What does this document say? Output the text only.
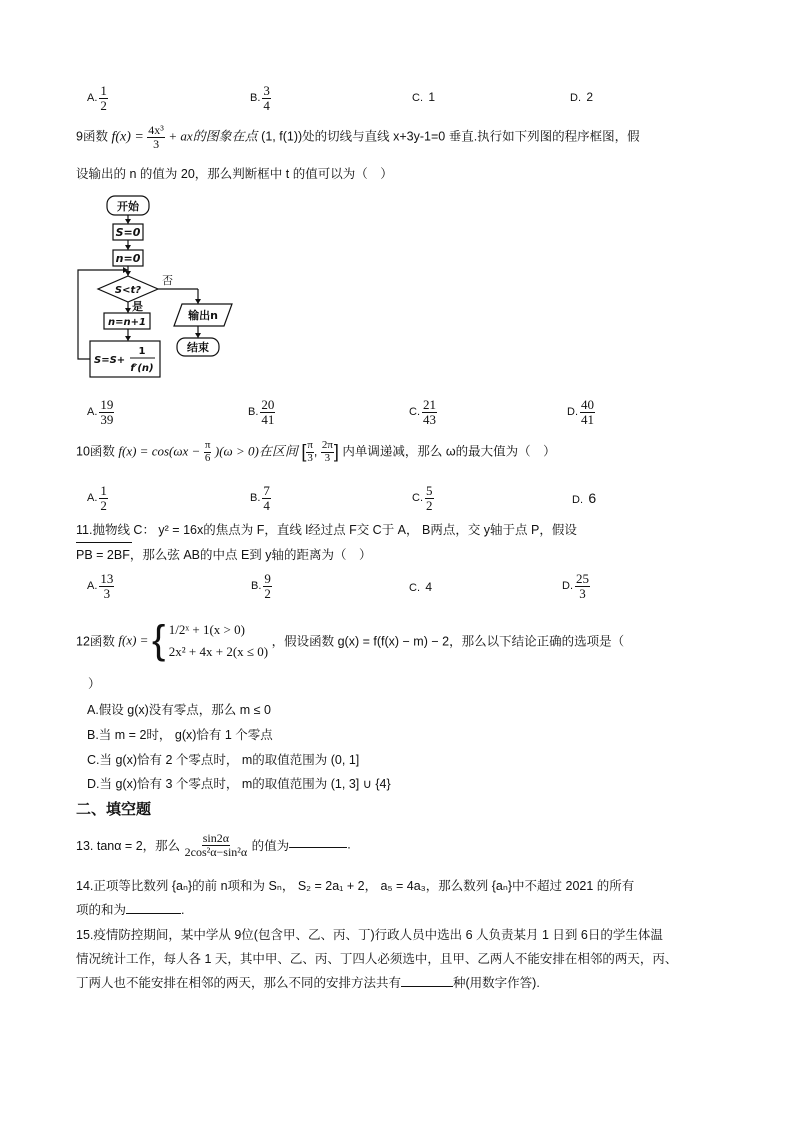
A. $\frac{1}{2}$	B. $\frac{3}{4}$	C. 1	D. 2
9函数 $f(x) = \frac{\text{4x³}}{3}$ + ax的图象在点 (1, f(1))处的切线与直线 x+3y-1=0 垂直.执行如下列图的程序框图，假
设输出的 n 的值为 20，那么判断框中 t 的值可以为（　）
开始
S=0
n=0
S<t?
否
是
n=n+1
S=S+
1
f′(n)
输出n
结束
A. $\frac{19}{39}$	B. $\frac{20}{41}$	C. $\frac{21}{43}$	D. $\frac{40}{41}$
10函数 $f(x) = \cos(\omega x - \frac{\pi}{6} )(\omega > 0)$在区间 [ $\frac{\pi}{3}$ , $\frac{2\pi}{3}$ ] 内单调递减，那么 ω的最大值为（　）
A. $\frac{1}{2}$	B. $\frac{7}{4}$	C. $\frac{5}{2}$	D. 6
11.抛物线 C： y² = 16x的焦点为 F，直线 l经过点 F交 C于 A， B两点，交 y轴于点 P，假设
PB = 2BF，那么弦 AB的中点 E到 y轴的距离为（　）
A. $\frac{13}{3}$	B. $\frac{9}{2}$	C. 4	D. $\frac{25}{3}$
12函数 f(x) = { 1/2ˣ + 1(x > 0)
2x² + 4x + 2(x ≤ 0)
，假设函数 g(x) = f(f(x) − m) − 2，那么以下结论正确的选项是（
）
A.假设 g(x)没有零点，那么 m ≤ 0
B.当 m = 2时， g(x)恰有 1 个零点
C.当 g(x)恰有 2 个零点时， m的取值范围为 (0, 1]
D.当 g(x)恰有 3 个零点时， m的取值范围为 (1, 3] ∪ {4}
二、填空题
13. tanα = 2，那么 $\frac{\sin 2\alpha}{\text{2cos²α−sin²α}}$ 的值为	.
14.正项等比数列 {aₙ}的前 n项和为 Sₙ， S₂ = 2a₁ + 2， a₅ = 4a₃，那么数列 {aₙ}中不超过 2021 的所有
项的和为	.
15.疫情防控期间，某中学从 9位(包含甲、乙、丙、丁)行政人员中选出 6 人负责某月 1 日到 6日的学生体温
情况统计工作，每人各 1 天，其中甲、乙、丙、丁四人必须选中，且甲、乙两人不能安排在相邻的两天，丙、
丁两人也不能安排在相邻的两天，那么不同的安排方法共有	种(用数字作答).
